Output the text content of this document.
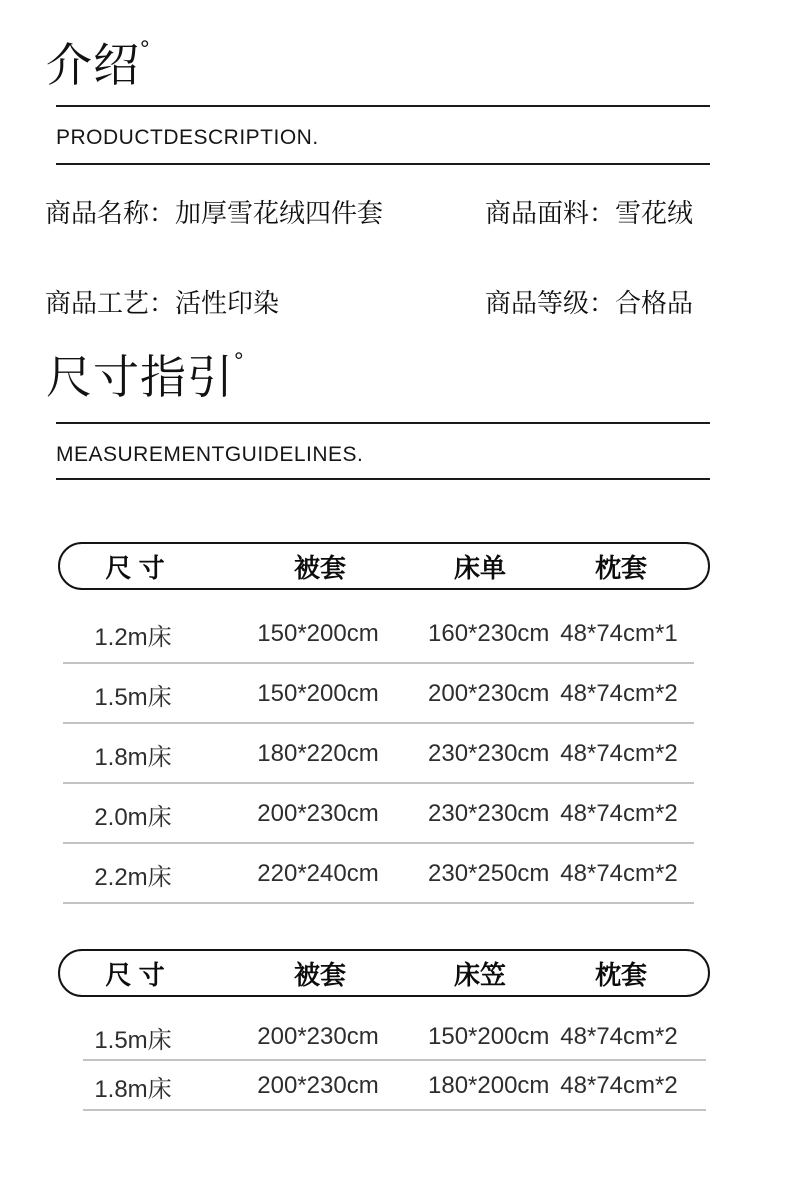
介绍°
PRODUCTDESCRIPTION.
商品名称：加厚雪花绒四件套	商品面料：雪花绒
商品工艺：活性印染	商品等级：合格品
尺寸指引°
MEASUREMENTGUIDELINES.
尺 寸	被套	床单	枕套
1.2m床	150*200cm	160*230cm 48*74cm*1
1.5m床	150*200cm	200*230cm 48*74cm*2
1.8m床	180*220cm	230*230cm 48*74cm*2
2.0m床	200*230cm	230*230cm 48*74cm*2
2.2m床	220*240cm	230*250cm 48*74cm*2
尺 寸	被套	床笠	枕套
1.5m床	200*230cm	150*200cm 48*74cm*2
1.8m床	200*230cm	180*200cm 48*74cm*2
